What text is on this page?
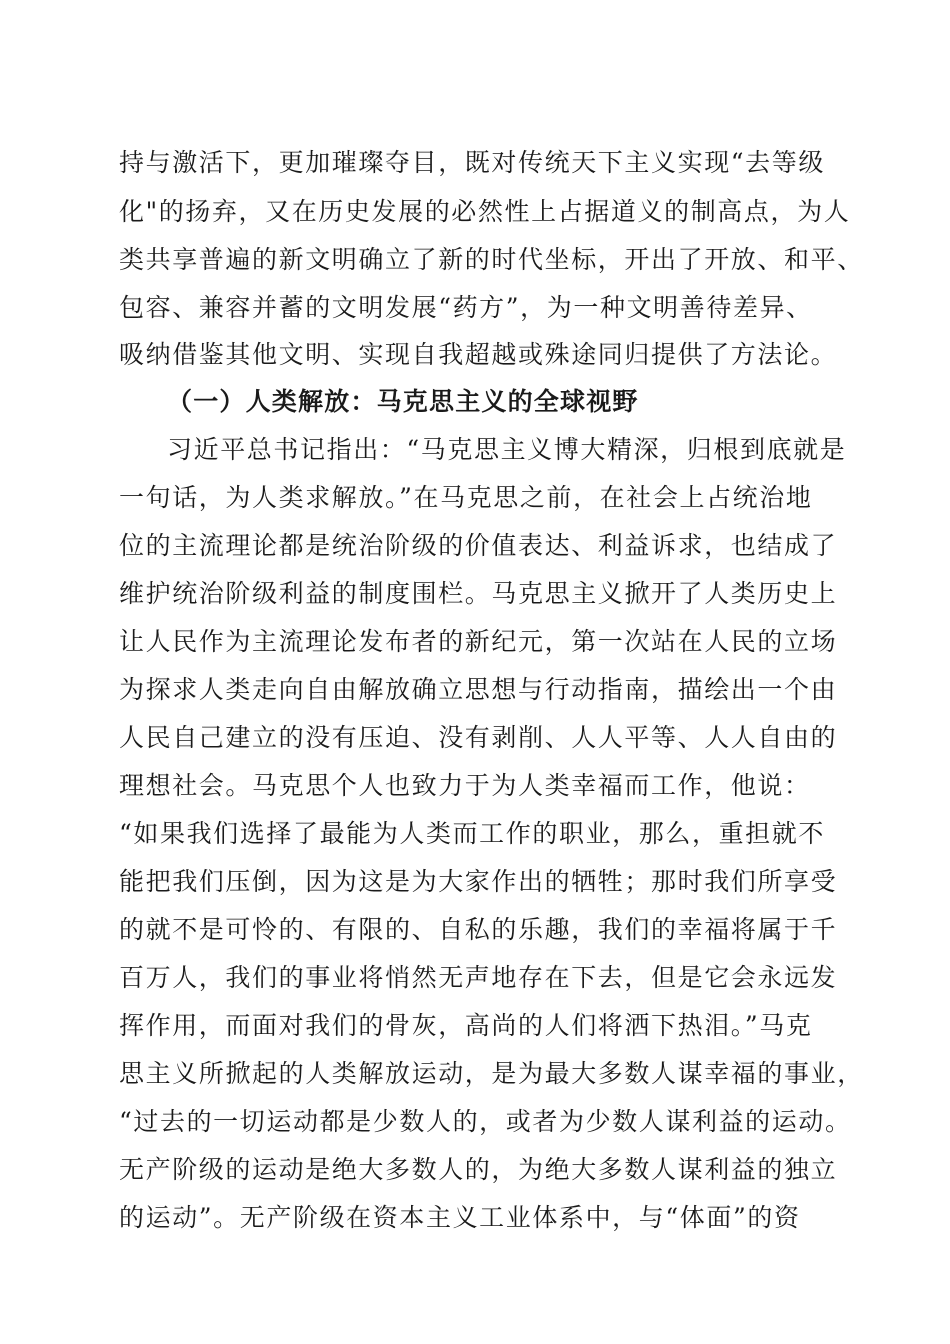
持与激活下，更加璀璨夺目，既对传统天下主义实现“去等级
化"的扬弃，又在历史发展的必然性上占据道义的制高点，为人
类共享普遍的新文明确立了新的时代坐标，开出了开放、和平、
包容、兼容并蓄的文明发展“药方”，为一种文明善待差异、
吸纳借鉴其他文明、实现自我超越或殊途同归提供了方法论。
（一）人类解放：马克思主义的全球视野
习近平总书记指出：“马克思主义博大精深，归根到底就是
一句话，为人类求解放。”在马克思之前，在社会上占统治地
位的主流理论都是统治阶级的价值表达、利益诉求，也结成了
维护统治阶级利益的制度围栏。马克思主义掀开了人类历史上
让人民作为主流理论发布者的新纪元，第一次站在人民的立场
为探求人类走向自由解放确立思想与行动指南，描绘出一个由
人民自己建立的没有压迫、没有剥削、人人平等、人人自由的
理想社会。马克思个人也致力于为人类幸福而工作，他说：
“如果我们选择了最能为人类而工作的职业，那么，重担就不
能把我们压倒，因为这是为大家作出的牺牲；那时我们所享受
的就不是可怜的、有限的、自私的乐趣，我们的幸福将属于千
百万人，我们的事业将悄然无声地存在下去，但是它会永远发
挥作用，而面对我们的骨灰，高尚的人们将洒下热泪。”马克
思主义所掀起的人类解放运动，是为最大多数人谋幸福的事业，
“过去的一切运动都是少数人的，或者为少数人谋利益的运动。
无产阶级的运动是绝大多数人的，为绝大多数人谋利益的独立
的运动”。无产阶级在资本主义工业体系中，与“体面”的资
